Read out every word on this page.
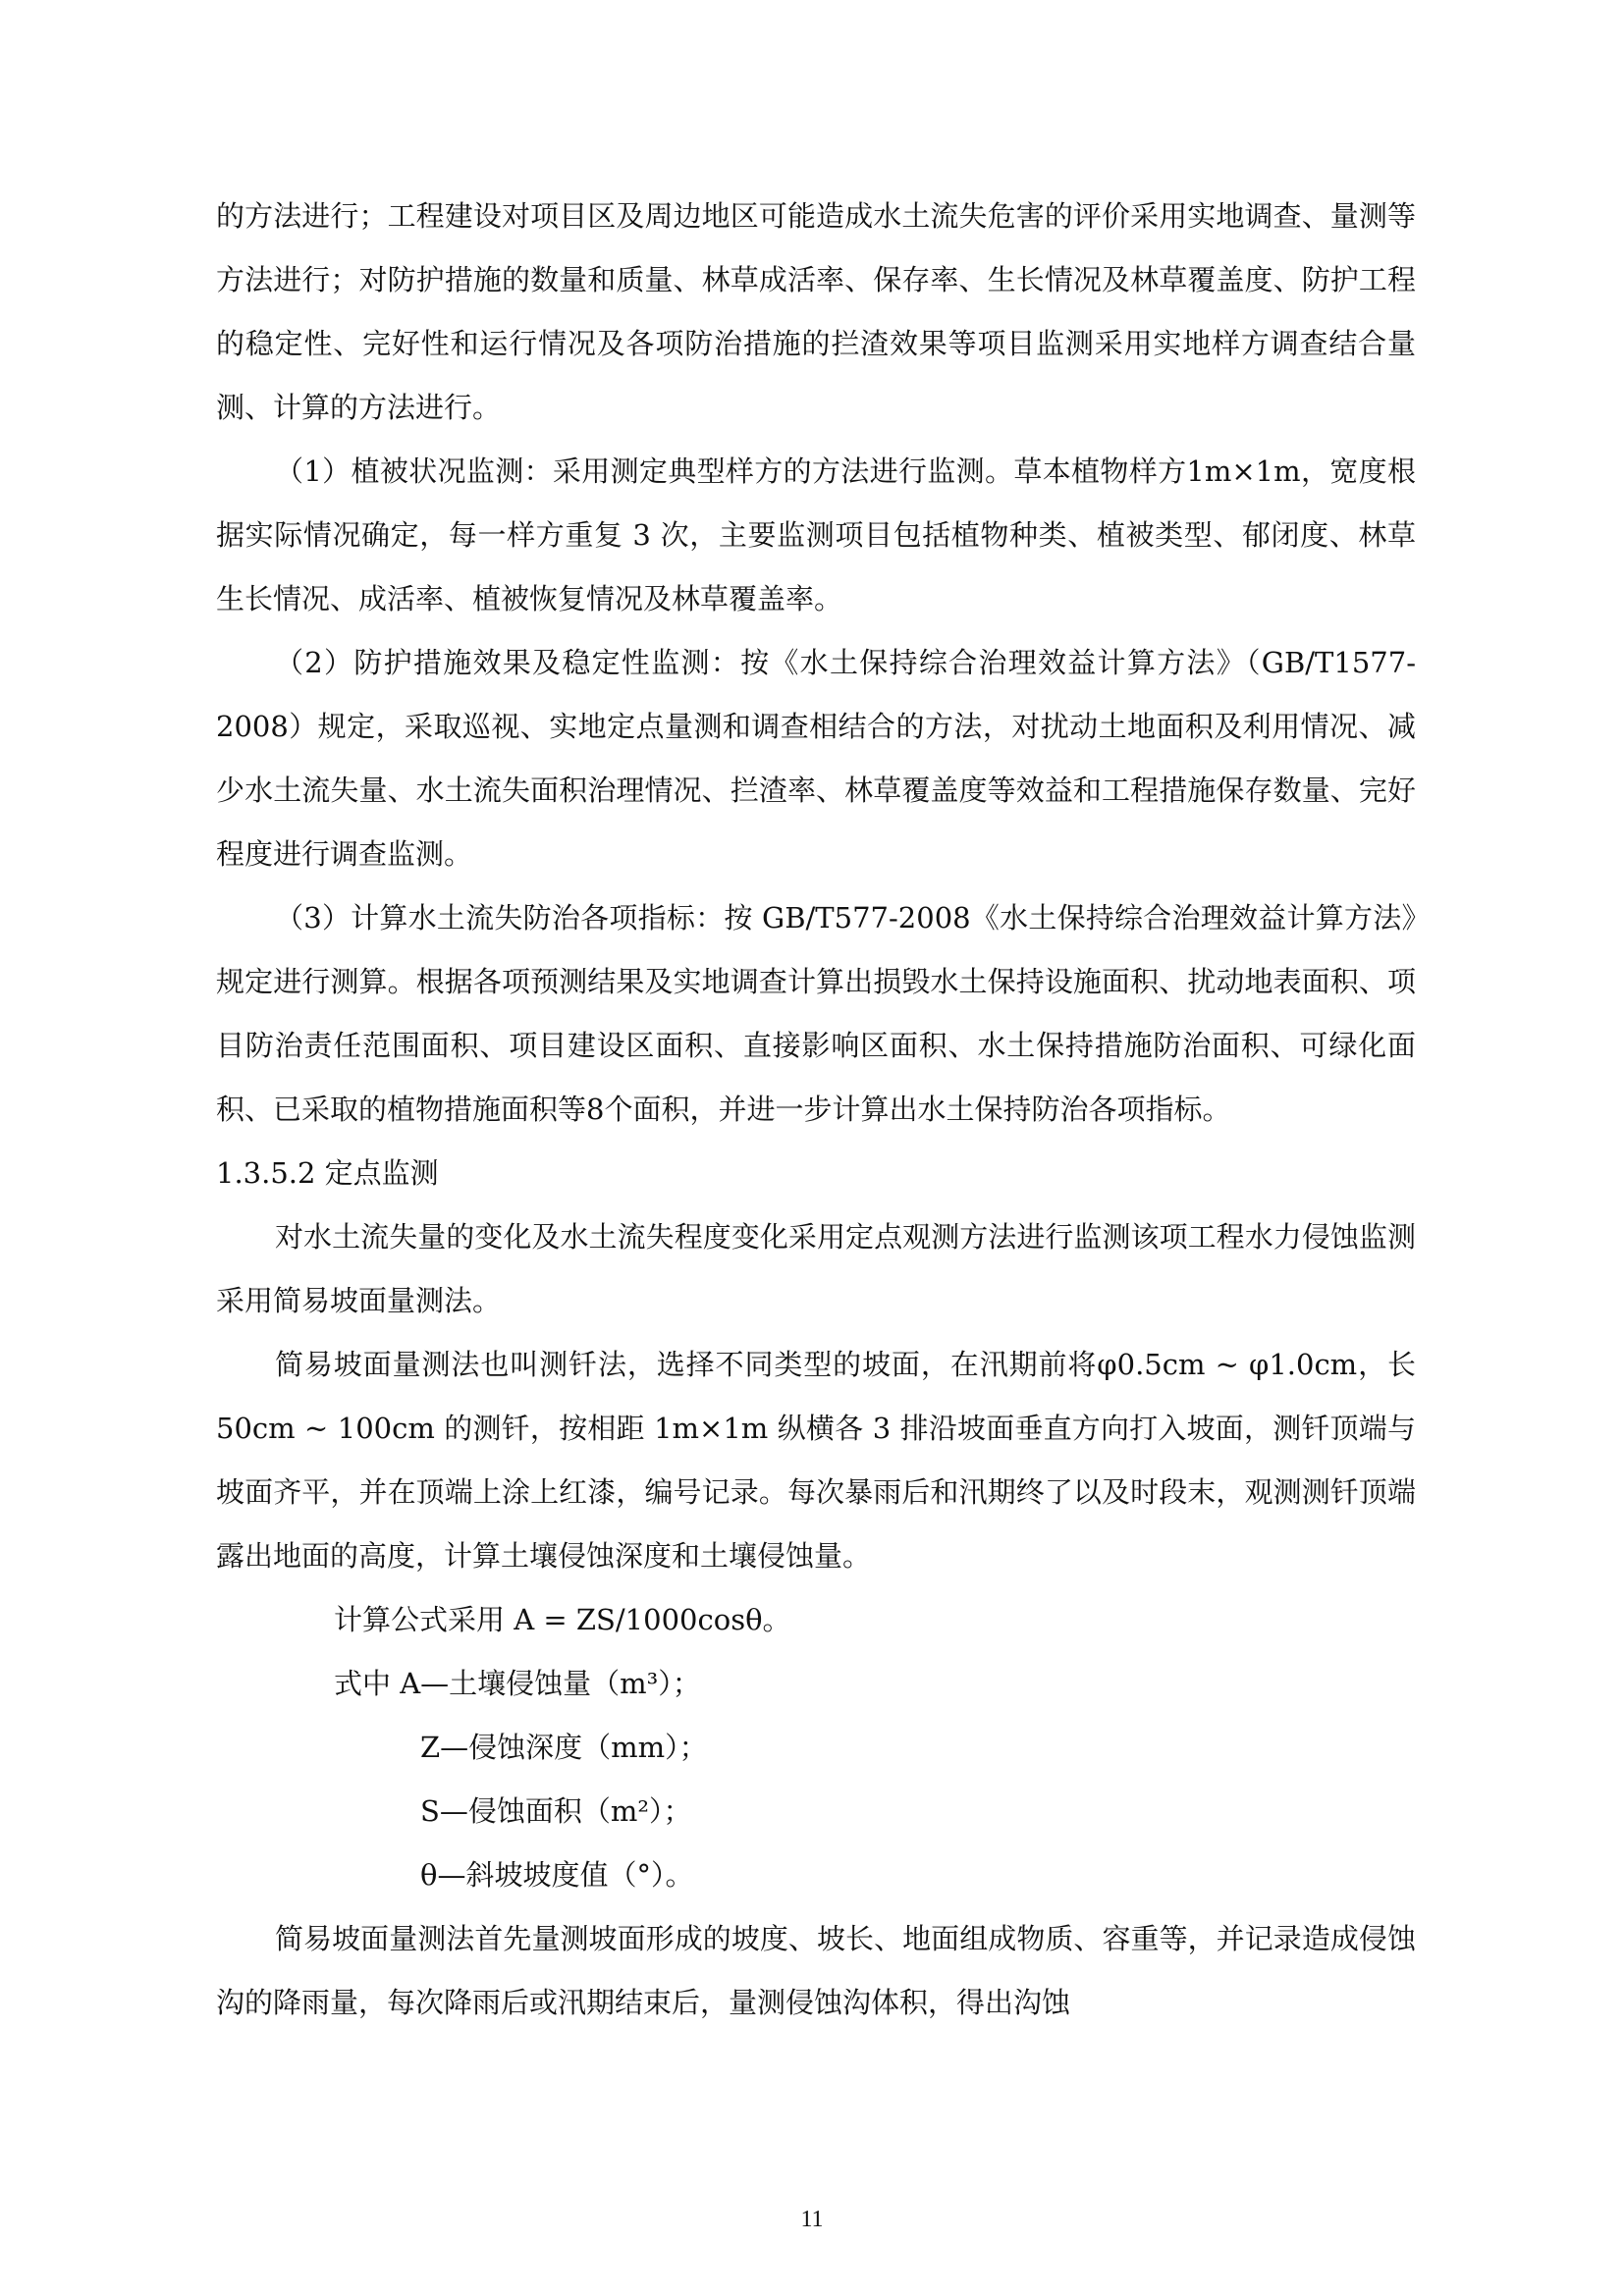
的方法进行；工程建设对项目区及周边地区可能造成水土流失危害的评价采用实地调查、量测等方法进行；对防护措施的数量和质量、林草成活率、保存率、生长情况及林草覆盖度、防护工程的稳定性、完好性和运行情况及各项防治措施的拦渣效果等项目监测采用实地样方调查结合量测、计算的方法进行。

（1）植被状况监测：采用测定典型样方的方法进行监测。草本植物样方1m×1m，宽度根据实际情况确定，每一样方重复 3 次，主要监测项目包括植物种类、植被类型、郁闭度、林草生长情况、成活率、植被恢复情况及林草覆盖率。

（2）防护措施效果及稳定性监测：按《水土保持综合治理效益计算方法》（GB/T1577-2008）规定，采取巡视、实地定点量测和调查相结合的方法，对扰动土地面积及利用情况、减少水土流失量、水土流失面积治理情况、拦渣率、林草覆盖度等效益和工程措施保存数量、完好程度进行调查监测。

（3）计算水土流失防治各项指标：按 GB/T577-2008《水土保持综合治理效益计算方法》规定进行测算。根据各项预测结果及实地调查计算出损毁水土保持设施面积、扰动地表面积、项目防治责任范围面积、项目建设区面积、直接影响区面积、水土保持措施防治面积、可绿化面积、已采取的植物措施面积等8个面积，并进一步计算出水土保持防治各项指标。

1.3.5.2 定点监测

对水土流失量的变化及水土流失程度变化采用定点观测方法进行监测该项工程水力侵蚀监测采用简易坡面量测法。

简易坡面量测法也叫测钎法，选择不同类型的坡面，在汛期前将φ0.5cm ~ φ1.0cm，长 50cm ~ 100cm 的测钎，按相距 1m×1m 纵横各 3 排沿坡面垂直方向打入坡面，测钎顶端与坡面齐平，并在顶端上涂上红漆，编号记录。每次暴雨后和汛期终了以及时段末，观测测钎顶端露出地面的高度，计算土壤侵蚀深度和土壤侵蚀量。

计算公式采用 A = ZS/1000cosθ。

式中 A—土壤侵蚀量（m³）；

Z—侵蚀深度（mm）；

S—侵蚀面积（m²）；

θ—斜坡坡度值（°）。

简易坡面量测法首先量测坡面形成的坡度、坡长、地面组成物质、容重等，并记录造成侵蚀沟的降雨量，每次降雨后或汛期结束后，量测侵蚀沟体积，得出沟蚀

11
